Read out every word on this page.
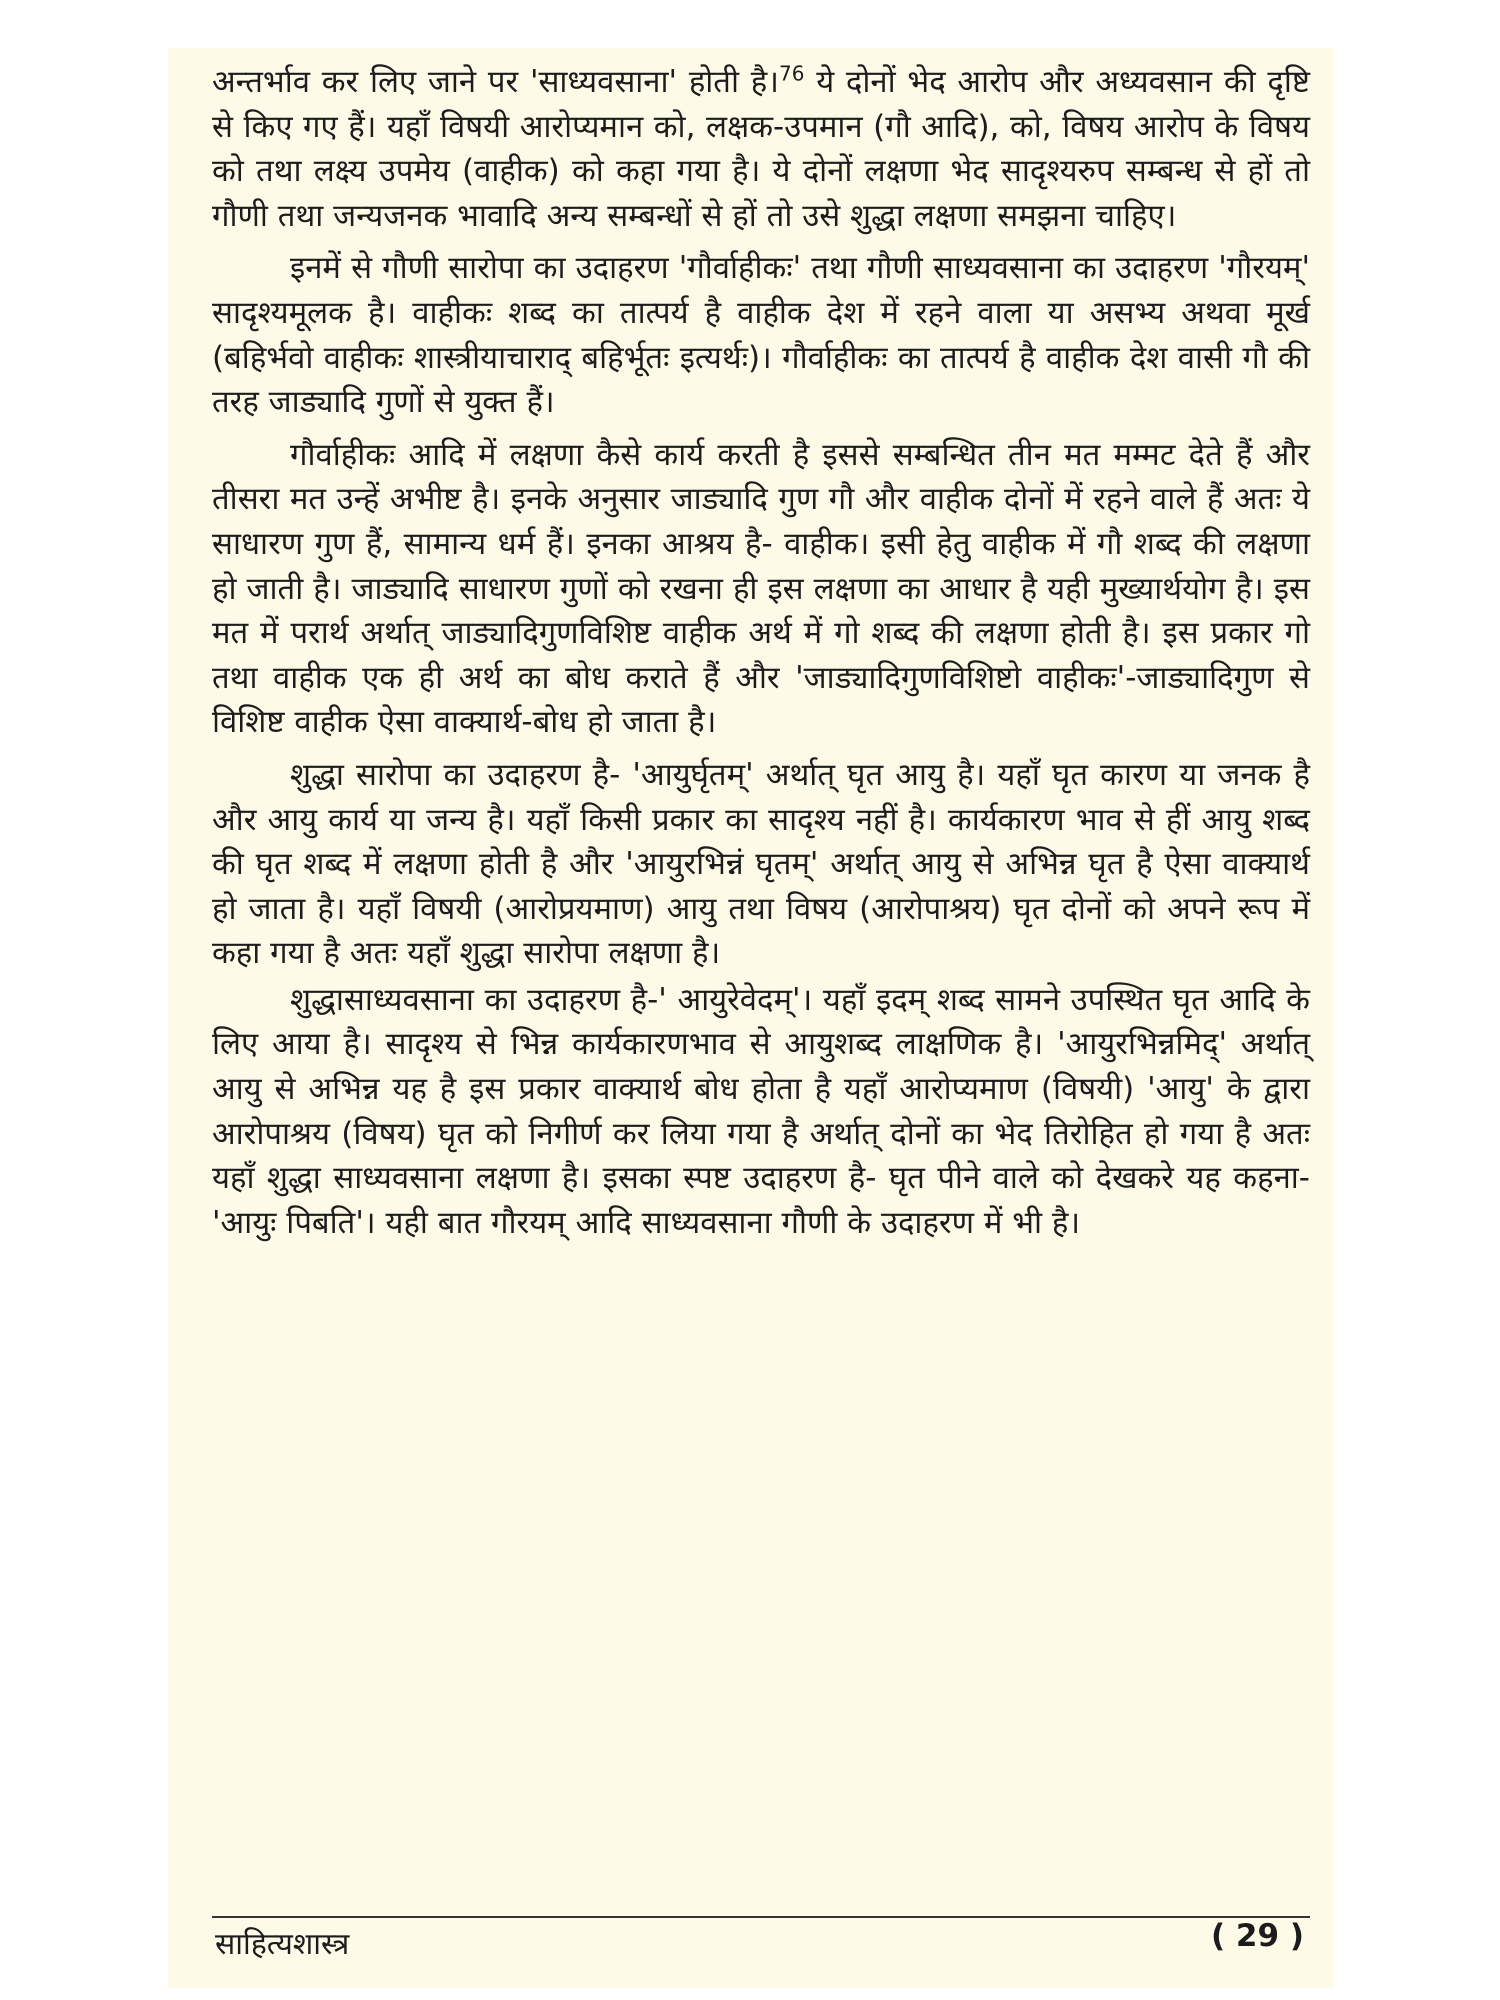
अन्तर्भाव कर लिए जाने पर 'साध्यवसाना' होती है।$^{76}$ ये दोनों भेद आरोप और अध्यवसान की दृष्टि से किए गए हैं। यहाँ विषयी आरोप्यमान को, लक्षक-उपमान (गौ आदि), को, विषय आरोप के विषय को तथा लक्ष्य उपमेय (वाहीक) को कहा गया है। ये दोनों लक्षणा भेद सादृश्यरुप सम्बन्ध से हों तो गौणी तथा जन्यजनक भावादि अन्य सम्बन्धों से हों तो उसे शुद्धा लक्षणा समझना चाहिए।

इनमें से गौणी सारोपा का उदाहरण 'गौर्वाहीकः' तथा गौणी साध्यवसाना का उदाहरण 'गौरयम्' सादृश्यमूलक है। वाहीकः शब्द का तात्पर्य है वाहीक देश में रहने वाला या असभ्य अथवा मूर्ख (बहिर्भवो वाहीकः शास्त्रीयाचाराद् बहिर्भूतः इत्यर्थः)। गौर्वाहीकः का तात्पर्य है वाहीक देश वासी गौ की तरह जाड्यादि गुणों से युक्त हैं।

गौर्वाहीकः आदि में लक्षणा कैसे कार्य करती है इससे सम्बन्धित तीन मत मम्मट देते हैं और तीसरा मत उन्हें अभीष्ट है। इनके अनुसार जाड्यादि गुण गौ और वाहीक दोनों में रहने वाले हैं अतः ये साधारण गुण हैं, सामान्य धर्म हैं। इनका आश्रय है- वाहीक। इसी हेतु वाहीक में गौ शब्द की लक्षणा हो जाती है। जाड्यादि साधारण गुणों को रखना ही इस लक्षणा का आधार है यही मुख्यार्थयोग है। इस मत में परार्थ अर्थात् जाड्यादिगुणविशिष्ट वाहीक अर्थ में गो शब्द की लक्षणा होती है। इस प्रकार गो तथा वाहीक एक ही अर्थ का बोध कराते हैं और 'जाड्यादिगुणविशिष्टो वाहीकः'-जाड्यादिगुण से विशिष्ट वाहीक ऐसा वाक्यार्थ-बोध हो जाता है।

शुद्धा सारोपा का उदाहरण है- 'आयुर्घृतम्' अर्थात् घृत आयु है। यहाँ घृत कारण या जनक है और आयु कार्य या जन्य है। यहाँ किसी प्रकार का सादृश्य नहीं है। कार्यकारण भाव से हीं आयु शब्द की घृत शब्द में लक्षणा होती है और 'आयुरभिन्नं घृतम्' अर्थात् आयु से अभिन्न घृत है ऐसा वाक्यार्थ हो जाता है। यहाँ विषयी (आरोप्रयमाण) आयु तथा विषय (आरोपाश्रय) घृत दोनों को अपने रूप में कहा गया है अतः यहाँ शुद्धा सारोपा लक्षणा है।

शुद्धासाध्यवसाना का उदाहरण है-' आयुरेवेदम्'। यहाँ इदम् शब्द सामने उपस्थित घृत आदि के लिए आया है। सादृश्य से भिन्न कार्यकारणभाव से आयुशब्द लाक्षणिक है। 'आयुरभिन्नमिद्' अर्थात् आयु से अभिन्न यह है इस प्रकार वाक्यार्थ बोध होता है यहाँ आरोप्यमाण (विषयी) 'आयु' के द्वारा आरोपाश्रय (विषय) घृत को निगीर्ण कर लिया गया है अर्थात् दोनों का भेद तिरोहित हो गया है अतः यहाँ शुद्धा साध्यवसाना लक्षणा है। इसका स्पष्ट उदाहरण है- घृत पीने वाले को देखकरे यह कहना-'आयुः पिबति'। यही बात गौरयम् आदि साध्यवसाना गौणी के उदाहरण में भी है।

साहित्यशास्त्र	( 29 )
